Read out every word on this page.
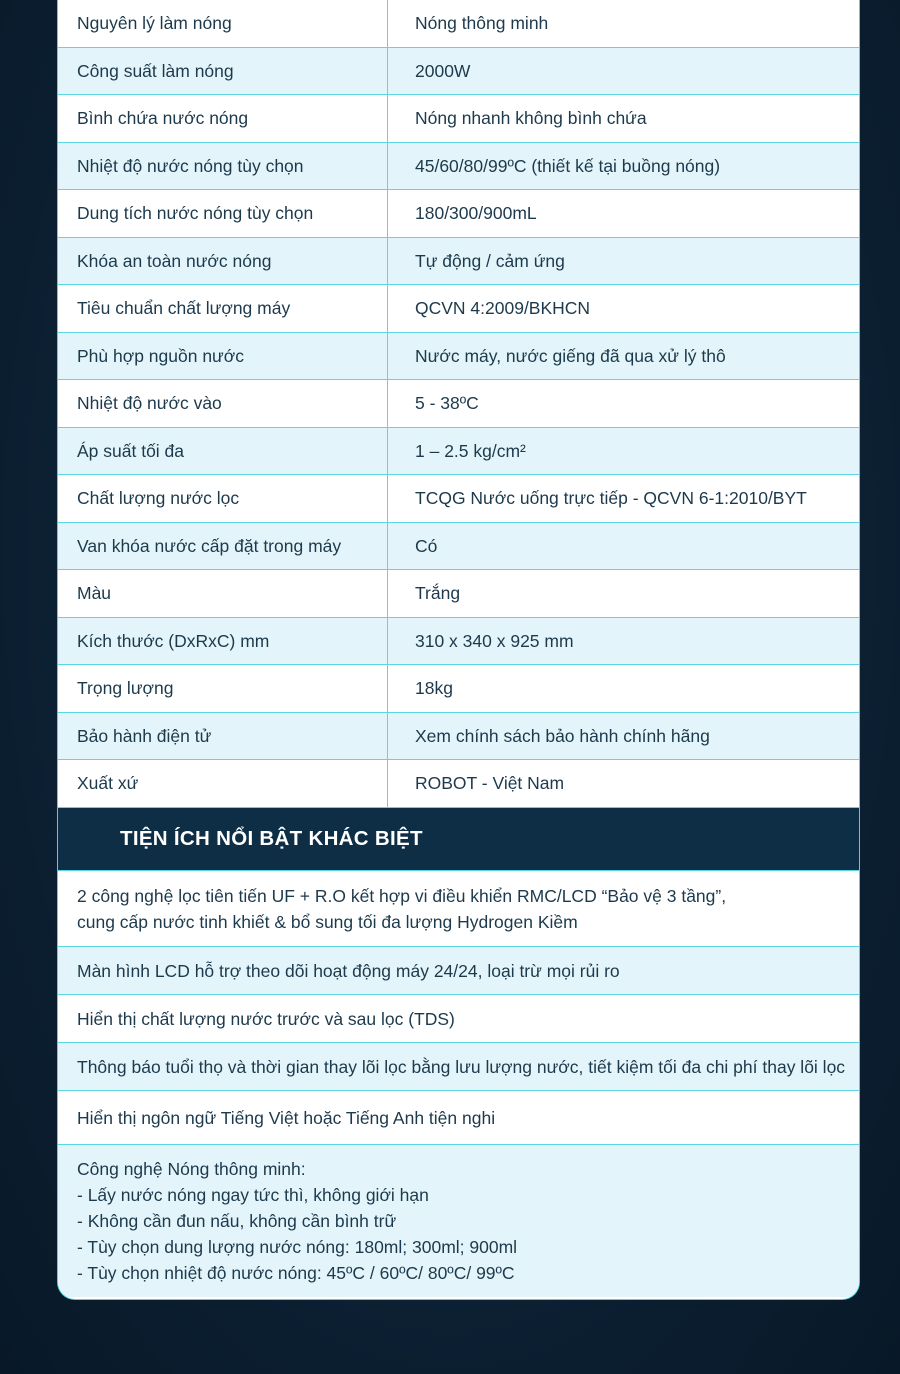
Nguyên lý làm nóng	Nóng thông minh
Công suất làm nóng	2000W
Bình chứa nước nóng	Nóng nhanh không bình chứa
Nhiệt độ nước nóng tùy chọn	45/60/80/99ºC (thiết kế tại buồng nóng)
Dung tích nước nóng tùy chọn	180/300/900mL
Khóa an toàn nước nóng	Tự động / cảm ứng
Tiêu chuẩn chất lượng máy	QCVN 4:2009/BKHCN
Phù hợp nguồn nước	Nước máy, nước giếng đã qua xử lý thô
Nhiệt độ nước vào	5 - 38ºC
Áp suất tối đa	1 – 2.5 kg/cm²
Chất lượng nước lọc	TCQG Nước uống trực tiếp - QCVN 6-1:2010/BYT
Van khóa nước cấp đặt trong máy	Có
Màu	Trắng
Kích thước (DxRxC) mm	310 x 340 x 925 mm
Trọng lượng	18kg
Bảo hành điện tử	Xem chính sách bảo hành chính hãng
Xuất xứ	ROBOT - Việt Nam
TIỆN ÍCH NỔI BẬT KHÁC BIỆT
2 công nghệ lọc tiên tiến UF + R.O kết hợp vi điều khiển RMC/LCD “Bảo vệ 3 tầng”,
cung cấp nước tinh khiết & bổ sung tối đa lượng Hydrogen Kiềm
Màn hình LCD hỗ trợ theo dõi hoạt động máy 24/24, loại trừ mọi rủi ro
Hiển thị chất lượng nước trước và sau lọc (TDS)
Thông báo tuổi thọ và thời gian thay lõi lọc bằng lưu lượng nước, tiết kiệm tối đa chi phí thay lõi lọc
Hiển thị ngôn ngữ Tiếng Việt hoặc Tiếng Anh tiện nghi
Công nghệ Nóng thông minh:
- Lấy nước nóng ngay tức thì, không giới hạn
- Không cần đun nấu, không cần bình trữ
- Tùy chọn dung lượng nước nóng: 180ml; 300ml; 900ml
- Tùy chọn nhiệt độ nước nóng: 45ºC / 60ºC/ 80ºC/ 99ºC
